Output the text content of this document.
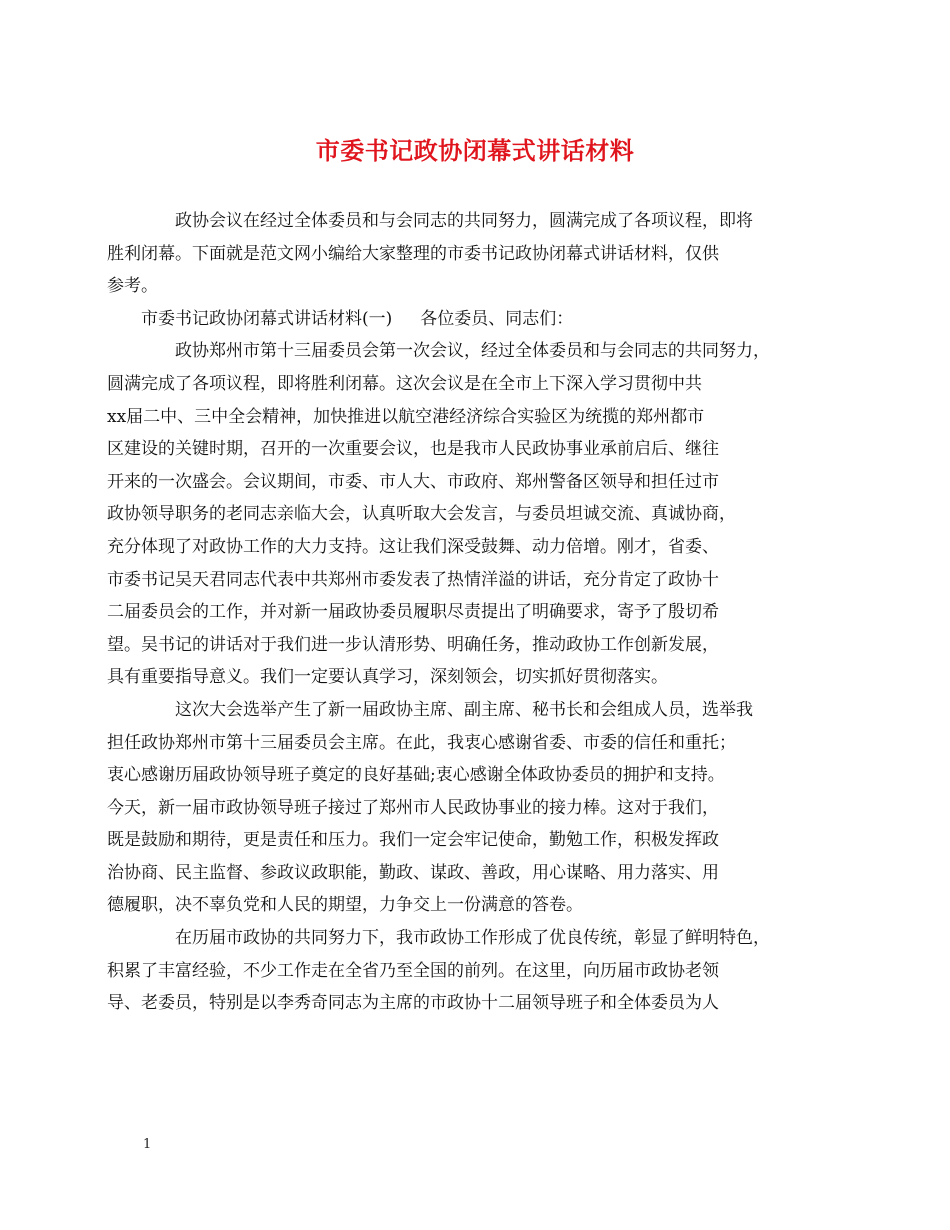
市委书记政协闭幕式讲话材料
政协会议在经过全体委员和与会同志的共同努力，圆满完成了各项议程，即将
胜利闭幕。下面就是范文网小编给大家整理的市委书记政协闭幕式讲话材料，仅供
参考。
市委书记政协闭幕式讲话材料(一) 各位委员、同志们：
政协郑州市第十三届委员会第一次会议，经过全体委员和与会同志的共同努力，
圆满完成了各项议程，即将胜利闭幕。这次会议是在全市上下深入学习贯彻中共
xx届二中、三中全会精神，加快推进以航空港经济综合实验区为统揽的郑州都市
区建设的关键时期，召开的一次重要会议，也是我市人民政协事业承前启后、继往
开来的一次盛会。会议期间，市委、市人大、市政府、郑州警备区领导和担任过市
政协领导职务的老同志亲临大会，认真听取大会发言，与委员坦诚交流、真诚协商，
充分体现了对政协工作的大力支持。这让我们深受鼓舞、动力倍增。刚才，省委、
市委书记吴天君同志代表中共郑州市委发表了热情洋溢的讲话，充分肯定了政协十
二届委员会的工作，并对新一届政协委员履职尽责提出了明确要求，寄予了殷切希
望。吴书记的讲话对于我们进一步认清形势、明确任务，推动政协工作创新发展，
具有重要指导意义。我们一定要认真学习，深刻领会，切实抓好贯彻落实。
这次大会选举产生了新一届政协主席、副主席、秘书长和会组成人员，选举我
担任政协郑州市第十三届委员会主席。在此，我衷心感谢省委、市委的信任和重托；
衷心感谢历届政协领导班子奠定的良好基础;衷心感谢全体政协委员的拥护和支持。
今天，新一届市政协领导班子接过了郑州市人民政协事业的接力棒。这对于我们，
既是鼓励和期待，更是责任和压力。我们一定会牢记使命，勤勉工作，积极发挥政
治协商、民主监督、参政议政职能，勤政、谋政、善政，用心谋略、用力落实、用
德履职，决不辜负党和人民的期望，力争交上一份满意的答卷。
在历届市政协的共同努力下，我市政协工作形成了优良传统，彰显了鲜明特色，
积累了丰富经验，不少工作走在全省乃至全国的前列。在这里，向历届市政协老领
导、老委员，特别是以李秀奇同志为主席的市政协十二届领导班子和全体委员为人
1
